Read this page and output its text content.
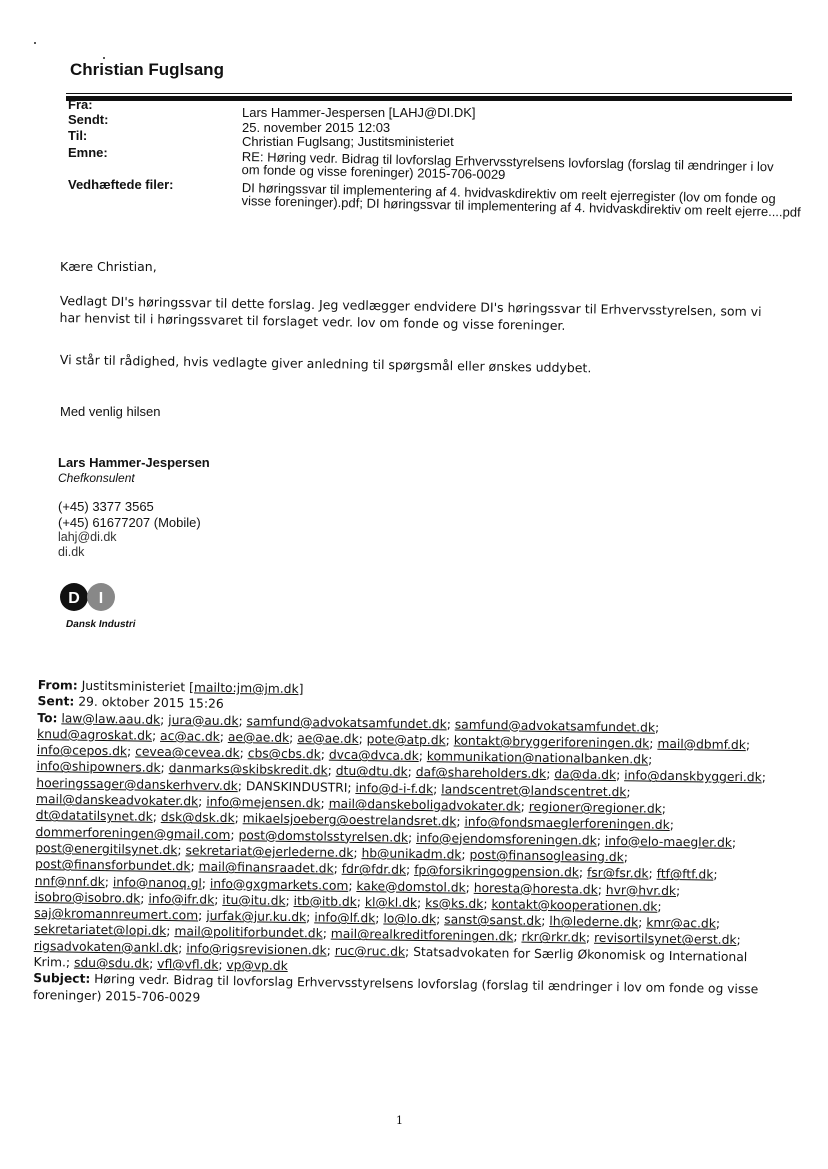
Christian Fuglsang
Fra:
Sendt:
Til:
Emne:
Vedhæftede filer:
Lars Hammer-Jespersen [LAHJ@DI.DK]
25. november 2015 12:03
Christian Fuglsang; Justitsministeriet
RE: Høring vedr. Bidrag til lovforslag Erhvervsstyrelsens lovforslag (forslag til ændringer i lov om fonde og visse foreninger) 2015-706-0029
DI høringssvar til implementering af 4. hvidvaskdirektiv om reelt ejerregister (lov om fonde og visse foreninger).pdf; DI høringssvar til implementering af 4. hvidvaskdirektiv om reelt ejerre....pdf
Kære Christian,
Vedlagt DI's høringssvar til dette forslag. Jeg vedlægger endvidere DI's høringssvar til Erhvervsstyrelsen, som vi har henvist til i høringssvaret til forslaget vedr. lov om fonde og visse foreninger.
Vi står til rådighed, hvis vedlagte giver anledning til spørgsmål eller ønskes uddybet.
Med venlig hilsen
Lars Hammer-Jespersen
Chefkonsulent
(+45) 3377 3565
(+45) 61677207 (Mobile)
lahj@di.dk
di.dk
D I
Dansk Industri
From: Justitsministeriet [mailto:jm@jm.dk]
Sent: 29. oktober 2015 15:26
To: law@law.aau.dk; jura@au.dk; samfund@advokatsamfundet.dk; samfund@advokatsamfundet.dk; knud@agroskat.dk; ac@ac.dk; ae@ae.dk; ae@ae.dk; pote@atp.dk; kontakt@bryggeriforeningen.dk; mail@dbmf.dk; info@cepos.dk; cevea@cevea.dk; cbs@cbs.dk; dvca@dvca.dk; kommunikation@nationalbanken.dk; info@shipowners.dk; danmarks@skibskredit.dk; dtu@dtu.dk; daf@shareholders.dk; da@da.dk; info@danskbyggeri.dk; hoeringssager@danskerhverv.dk; DANSKINDUSTRI; info@d-i-f.dk; landscentret@landscentret.dk; mail@danskeadvokater.dk; info@mejensen.dk; mail@danskeboligadvokater.dk; regioner@regioner.dk; dt@datatilsynet.dk; dsk@dsk.dk; mikaelsjoeberg@oestrelandsret.dk; info@fondsmaeglerforeningen.dk; dommerforeningen@gmail.com; post@domstolsstyrelsen.dk; info@ejendomsforeningen.dk; info@elo-maegler.dk; post@energitilsynet.dk; sekretariat@ejerlederne.dk; hb@unikadm.dk; post@finansogleasing.dk; post@finansforbundet.dk; mail@finansraadet.dk; fdr@fdr.dk; fp@forsikringogpension.dk; fsr@fsr.dk; ftf@ftf.dk; nnf@nnf.dk; info@nanoq.gl; info@gxgmarkets.com; kake@domstol.dk; horesta@horesta.dk; hvr@hvr.dk; isobro@isobro.dk; info@ifr.dk; itu@itu.dk; itb@itb.dk; kl@kl.dk; ks@ks.dk; kontakt@kooperationen.dk; saj@kromannreumert.com; jurfak@jur.ku.dk; info@lf.dk; lo@lo.dk; sanst@sanst.dk; lh@lederne.dk; kmr@ac.dk; sekretariatet@lopi.dk; mail@politiforbundet.dk; mail@realkreditforeningen.dk; rkr@rkr.dk; revisortilsynet@erst.dk; rigsadvokaten@ankl.dk; info@rigsrevisionen.dk; ruc@ruc.dk; Statsadvokaten for Særlig Økonomisk og International Krim.; sdu@sdu.dk; vfl@vfl.dk; vp@vp.dk
Subject: Høring vedr. Bidrag til lovforslag Erhvervsstyrelsens lovforslag (forslag til ændringer i lov om fonde og visse foreninger) 2015-706-0029
1
